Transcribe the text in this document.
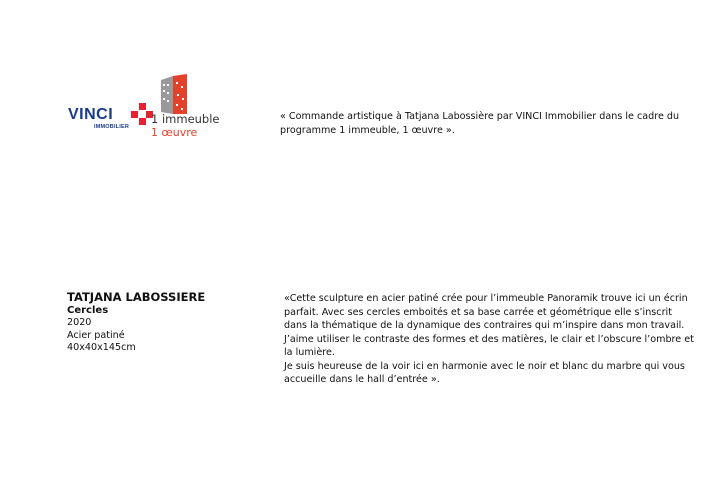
VINCI
IMMOBILIER
1 immeuble
1 œuvre
« Commande artistique à Tatjana Labossière par VINCI Immobilier dans le cadre du programme 1 immeuble, 1 œuvre ».
TATJANA LABOSSIERE
Cercles
2020
Acier patiné
40x40x145cm

«Cette sculpture en acier patiné crée pour l’immeuble Panoramik trouve ici un écrin parfait. Avec ses cercles emboités et sa base carrée et géométrique elle s’inscrit dans la thématique de la dynamique des contraires qui m’inspire dans mon travail. J’aime utiliser le contraste des formes et des matières, le clair et l’obscure l’ombre et la lumière.

Je suis heureuse de la voir ici en harmonie avec le noir et blanc du marbre qui vous accueille dans le hall d’entrée ».
